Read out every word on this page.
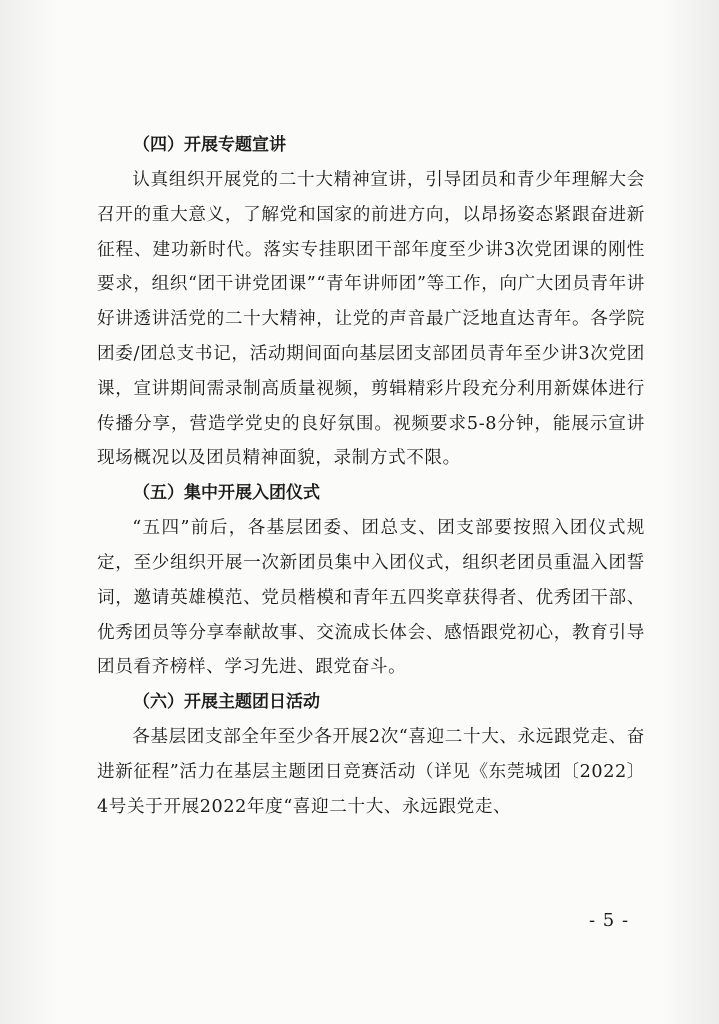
（四）开展专题宣讲

认真组织开展党的二十大精神宣讲，引导团员和青少年理解大会召开的重大意义，了解党和国家的前进方向，以昂扬姿态紧跟奋进新征程、建功新时代。落实专挂职团干部年度至少讲3次党团课的刚性要求，组织“团干讲党团课”“青年讲师团”等工作，向广大团员青年讲好讲透讲活党的二十大精神，让党的声音最广泛地直达青年。各学院团委/团总支书记，活动期间面向基层团支部团员青年至少讲3次党团课，宣讲期间需录制高质量视频，剪辑精彩片段充分利用新媒体进行传播分享，营造学党史的良好氛围。视频要求5-8分钟，能展示宣讲现场概况以及团员精神面貌，录制方式不限。

（五）集中开展入团仪式

“五四”前后，各基层团委、团总支、团支部要按照入团仪式规定，至少组织开展一次新团员集中入团仪式，组织老团员重温入团誓词，邀请英雄模范、党员楷模和青年五四奖章获得者、优秀团干部、优秀团员等分享奉献故事、交流成长体会、感悟跟党初心，教育引导团员看齐榜样、学习先进、跟党奋斗。

（六）开展主题团日活动

各基层团支部全年至少各开展2次“喜迎二十大、永远跟党走、奋进新征程”活力在基层主题团日竞赛活动（详见《东莞城团〔2022〕4号关于开展2022年度“喜迎二十大、永远跟党走、

- 5 -
